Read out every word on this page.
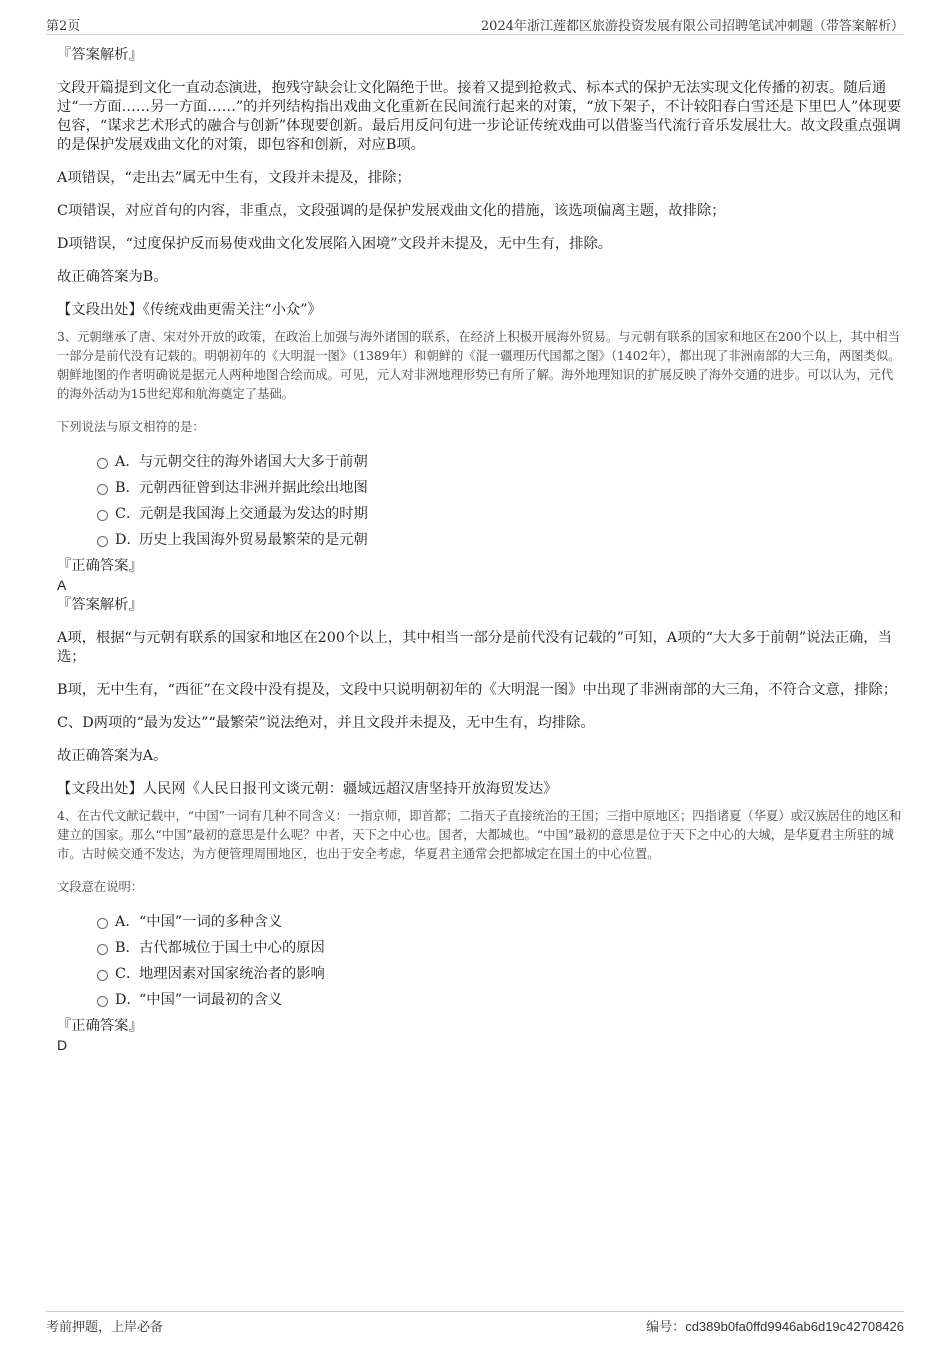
第2页	2024年浙江莲都区旅游投资发展有限公司招聘笔试冲刺题（带答案解析）

『答案解析』

文段开篇提到文化一直动态演进，抱残守缺会让文化隔绝于世。接着又提到抢救式、标本式的保护无法实现文化传播的初衷。随后通过“一方面……另一方面……”的并列结构指出戏曲文化重新在民间流行起来的对策，“放下架子，不计较阳春白雪还是下里巴人”体现要包容，“谋求艺术形式的融合与创新”体现要创新。最后用反问句进一步论证传统戏曲可以借鉴当代流行音乐发展壮大。故文段重点强调的是保护发展戏曲文化的对策，即包容和创新，对应B项。

A项错误，“走出去”属无中生有，文段并未提及，排除；

C项错误，对应首句的内容，非重点，文段强调的是保护发展戏曲文化的措施，该选项偏离主题，故排除；

D项错误，“过度保护反而易使戏曲文化发展陷入困境”文段并未提及，无中生有，排除。

故正确答案为B。

【文段出处】《传统戏曲更需关注“小众”》

3、元朝继承了唐、宋对外开放的政策，在政治上加强与海外诸国的联系，在经济上积极开展海外贸易。与元朝有联系的国家和地区在200个以上，其中相当一部分是前代没有记载的。明朝初年的《大明混一图》（1389年）和朝鲜的《混一疆理历代国都之图》（1402年），都出现了非洲南部的大三角，两图类似。朝鲜地图的作者明确说是据元人两种地图合绘而成。可见，元人对非洲地理形势已有所了解。海外地理知识的扩展反映了海外交通的进步。可以认为，元代的海外活动为15世纪郑和航海奠定了基础。

下列说法与原文相符的是：

A． 与元朝交往的海外诸国大大多于前朝
B． 元朝西征曾到达非洲并据此绘出地图
C．
元朝是我国海上交通最为发达的时期
D．
历史上我国海外贸易最繁荣的是元朝

『正确答案』

A

『答案解析』

A项，根据“与元朝有联系的国家和地区在200个以上，其中相当一部分是前代没有记载的”可知，A项的“大大多于前朝”说法正确，当选；

B项，无中生有，“西征”在文段中没有提及，文段中只说明朝初年的《大明混一图》中出现了非洲南部的大三角，不符合文意，排除；

C、D两项的“最为发达”“最繁荣”说法绝对，并且文段并未提及，无中生有，均排除。

故正确答案为A。

【文段出处】人民网《人民日报刊文谈元朝：疆域远超汉唐坚持开放海贸发达》

4、在古代文献记载中，“中国”一词有几种不同含义：一指京师，即首都；二指天子直接统治的王国；三指中原地区；四指诸夏（华夏）或汉族居住的地区和建立的国家。那么“中国”最初的意思是什么呢？中者，天下之中心也。国者，大都城也。“中国”最初的意思是位于天下之中心的大城，是华夏君主所驻的城市。古时候交通不发达，为方便管理周围地区，也出于安全考虑，华夏君主通常会把都城定在国土的中心位置。

文段意在说明：

A． “中国”一词的多种含义
B． 古代都城位于国土中心的原因
C．
地理因素对国家统治者的影响
D．
“中国”一词最初的含义

『正确答案』

D

考前押题，上岸必备	编号：cd389b0fa0ffd9946ab6d19c42708426
